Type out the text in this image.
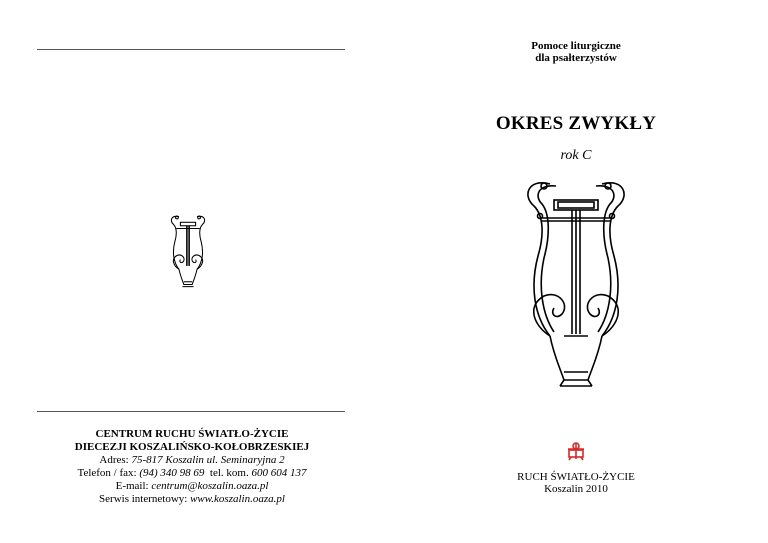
CENTRUM RUCHU ŚWIATŁO-ŻYCIE
DIECEZJI KOSZALIŃSKO-KOŁOBRZESKIEJ
Adres: 75-817 Koszalin ul. Seminaryjna 2
Telefon / fax: (94) 340 98 69  tel. kom. 600 604 137
E-mail: centrum@koszalin.oaza.pl
Serwis internetowy: www.koszalin.oaza.pl
Pomoce liturgiczne
dla psałterzystów
OKRES ZWYKŁY
rok C
RUCH ŚWIATŁO-ŻYCIE
Koszalin 2010
